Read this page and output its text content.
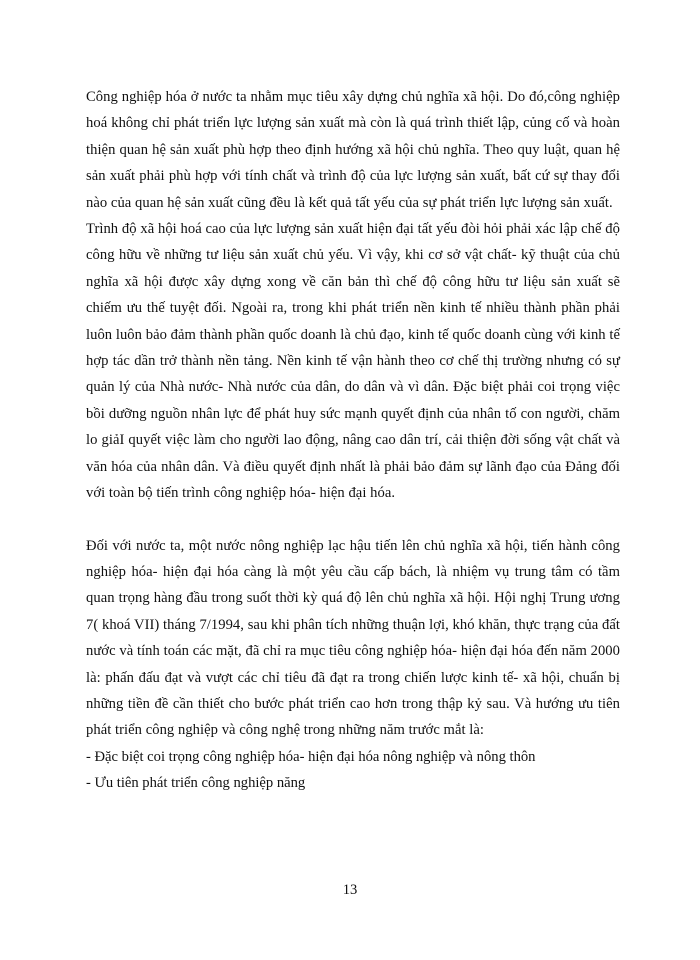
Công nghiệp hóa ở nước ta nhằm mục tiêu xây dựng chủ nghĩa xã hội. Do đó,công nghiệp hoá không chỉ phát triển lực lượng sản xuất mà còn là quá trình thiết lập, củng cố và hoàn thiện quan hệ sản xuất phù hợp theo định hướng xã hội chủ nghĩa. Theo quy luật, quan hệ sản xuất phải phù hợp với tính chất và trình độ của lực lượng sản xuất, bất cứ sự thay đổi nào của quan hệ sản xuất cũng đều là kết quả tất yếu của sự phát triển lực lượng sản xuất.

Trình độ xã hội hoá cao của lực lượng sản xuất hiện đại tất yếu đòi hỏi phải xác lập chế độ công hữu về những tư liệu sản xuất chủ yếu. Vì vậy, khi cơ sở vật chất- kỹ thuật của chủ nghĩa xã hội được xây dựng xong về căn bản thì chế độ công hữu tư liệu sản xuất sẽ chiếm ưu thế tuyệt đối. Ngoài ra, trong khi phát triển nền kinh tế nhiều thành phần phải luôn luôn bảo đảm thành phần quốc doanh là chủ đạo, kinh tế quốc doanh cùng với kinh tế hợp tác dần trở thành nền tảng. Nền kinh tế vận hành theo cơ chế thị trường nhưng có sự quản lý của Nhà nước- Nhà nước của dân, do dân và vì dân. Đặc biệt phải coi trọng việc bồi dưỡng nguồn nhân lực để phát huy sức mạnh quyết định của nhân tố con người, chăm lo giảI quyết việc làm cho người lao động, nâng cao dân trí, cải thiện đời sống vật chất và văn hóa của nhân dân. Và điều quyết định nhất là phải bảo đảm sự lãnh đạo của Đảng đối với toàn bộ tiến trình công nghiệp hóa- hiện đại hóa.

Đối với nước ta, một nước nông nghiệp lạc hậu tiến lên chủ nghĩa xã hội, tiến hành công nghiệp hóa- hiện đại hóa càng là một yêu cầu cấp bách, là nhiệm vụ trung tâm có tầm quan trọng hàng đầu trong suốt thời kỳ quá độ lên chủ nghĩa xã hội. Hội nghị Trung ương 7( khoá VII) tháng 7/1994, sau khi phân tích những thuận lợi, khó khăn, thực trạng của đất nước và tính toán các mặt, đã chỉ ra mục tiêu công nghiệp hóa- hiện đại hóa đến năm 2000 là: phấn đấu đạt và vượt các chỉ tiêu đã đạt ra trong chiến lược kinh tế- xã hội, chuẩn bị những tiền đề cần thiết cho bước phát triển cao hơn trong thập kỷ sau. Và hướng ưu tiên phát triển công nghiệp và công nghệ trong những năm trước mắt là:

- Đặc biệt coi trọng công nghiệp hóa- hiện đại hóa nông nghiệp và nông thôn

- Ưu tiên phát triển công nghiệp năng

13
